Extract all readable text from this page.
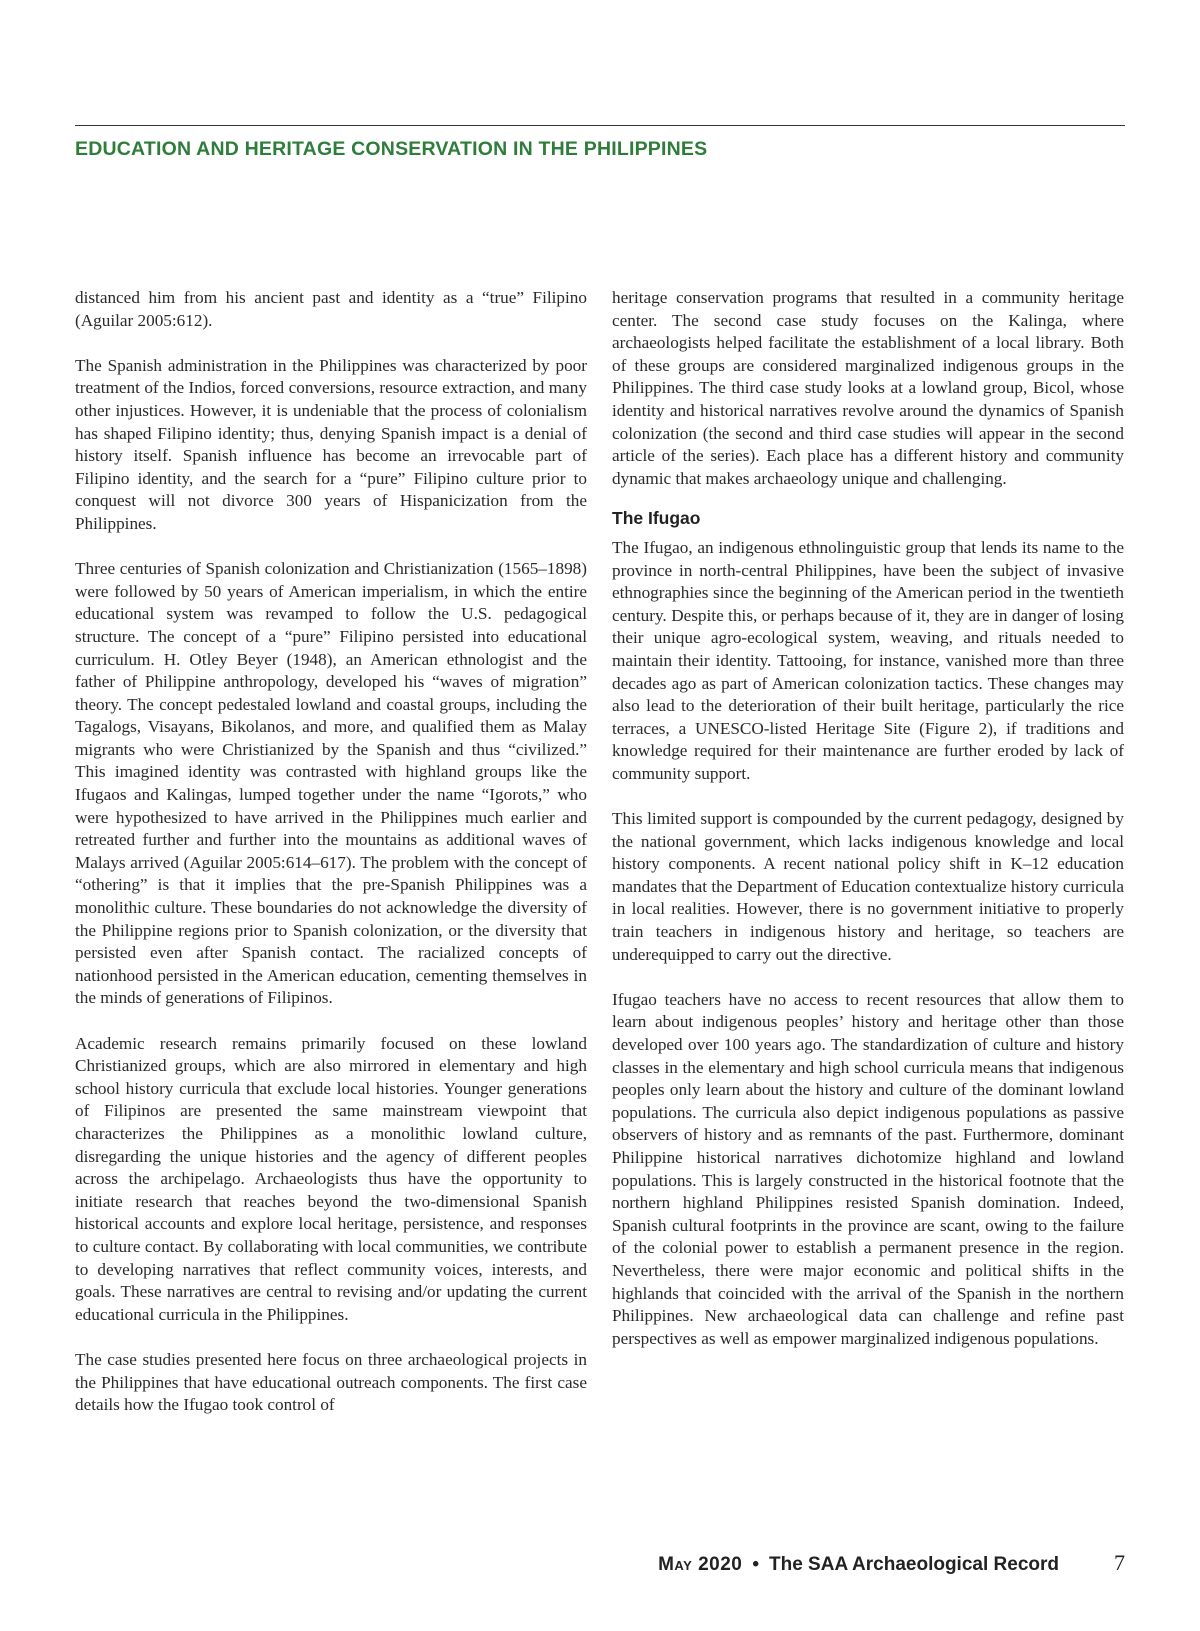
EDUCATION AND HERITAGE CONSERVATION IN THE PHILIPPINES

distanced him from his ancient past and identity as a “true” Filipino (Aguilar 2005:612).

The Spanish administration in the Philippines was characterized by poor treatment of the Indios, forced conversions, resource extraction, and many other injustices. However, it is undeniable that the process of colonialism has shaped Filipino identity; thus, denying Spanish impact is a denial of history itself. Spanish influence has become an irrevocable part of Filipino identity, and the search for a “pure” Filipino culture prior to conquest will not divorce 300 years of Hispanicization from the Philippines.

Three centuries of Spanish colonization and Christianization (1565–1898) were followed by 50 years of American imperialism, in which the entire educational system was revamped to follow the U.S. pedagogical structure. The concept of a “pure” Filipino persisted into educational curriculum. H. Otley Beyer (1948), an American ethnologist and the father of Philippine anthropology, developed his “waves of migration” theory. The concept pedestaled lowland and coastal groups, including the Tagalogs, Visayans, Bikolanos, and more, and qualified them as Malay migrants who were Christianized by the Spanish and thus “civilized.” This imagined identity was contrasted with highland groups like the Ifugaos and Kalingas, lumped together under the name “Igorots,” who were hypothesized to have arrived in the Philippines much earlier and retreated further and further into the mountains as additional waves of Malays arrived (Aguilar 2005:614–617). The problem with the concept of “othering” is that it implies that the pre-Spanish Philippines was a monolithic culture. These boundaries do not acknowledge the diversity of the Philippine regions prior to Spanish colonization, or the diversity that persisted even after Spanish contact. The racialized concepts of nationhood persisted in the American education, cementing themselves in the minds of generations of Filipinos.

Academic research remains primarily focused on these lowland Christianized groups, which are also mirrored in elementary and high school history curricula that exclude local histories. Younger generations of Filipinos are presented the same mainstream viewpoint that characterizes the Philippines as a monolithic lowland culture, disregarding the unique histories and the agency of different peoples across the archipelago. Archaeologists thus have the opportunity to initiate research that reaches beyond the two-dimensional Spanish historical accounts and explore local heritage, persistence, and responses to culture contact. By collaborating with local communities, we contribute to developing narratives that reflect community voices, interests, and goals. These narratives are central to revising and/or updating the current educational curricula in the Philippines.

The case studies presented here focus on three archaeological projects in the Philippines that have educational outreach components. The first case details how the Ifugao took control of

heritage conservation programs that resulted in a community heritage center. The second case study focuses on the Kalinga, where archaeologists helped facilitate the establishment of a local library. Both of these groups are considered marginalized indigenous groups in the Philippines. The third case study looks at a lowland group, Bicol, whose identity and historical narratives revolve around the dynamics of Spanish colonization (the second and third case studies will appear in the second article of the series). Each place has a different history and community dynamic that makes archaeology unique and challenging.

The Ifugao

The Ifugao, an indigenous ethnolinguistic group that lends its name to the province in north-central Philippines, have been the subject of invasive ethnographies since the beginning of the American period in the twentieth century. Despite this, or perhaps because of it, they are in danger of losing their unique agro-ecological system, weaving, and rituals needed to maintain their identity. Tattooing, for instance, vanished more than three decades ago as part of American colonization tactics. These changes may also lead to the deterioration of their built heritage, particularly the rice terraces, a UNESCO-listed Heritage Site (Figure 2), if traditions and knowledge required for their maintenance are further eroded by lack of community support.

This limited support is compounded by the current pedagogy, designed by the national government, which lacks indigenous knowledge and local history components. A recent national policy shift in K–12 education mandates that the Department of Education contextualize history curricula in local realities. However, there is no government initiative to properly train teachers in indigenous history and heritage, so teachers are underequipped to carry out the directive.

Ifugao teachers have no access to recent resources that allow them to learn about indigenous peoples’ history and heritage other than those developed over 100 years ago. The standardization of culture and history classes in the elementary and high school curricula means that indigenous peoples only learn about the history and culture of the dominant lowland populations. The curricula also depict indigenous populations as passive observers of history and as remnants of the past. Furthermore, dominant Philippine historical narratives dichotomize highland and lowland populations. This is largely constructed in the historical footnote that the northern highland Philippines resisted Spanish domination. Indeed, Spanish cultural footprints in the province are scant, owing to the failure of the colonial power to establish a permanent presence in the region. Nevertheless, there were major economic and political shifts in the highlands that coincided with the arrival of the Spanish in the northern Philippines. New archaeological data can challenge and refine past perspectives as well as empower marginalized indigenous populations.

May 2020 • The SAA Archaeological Record	7
